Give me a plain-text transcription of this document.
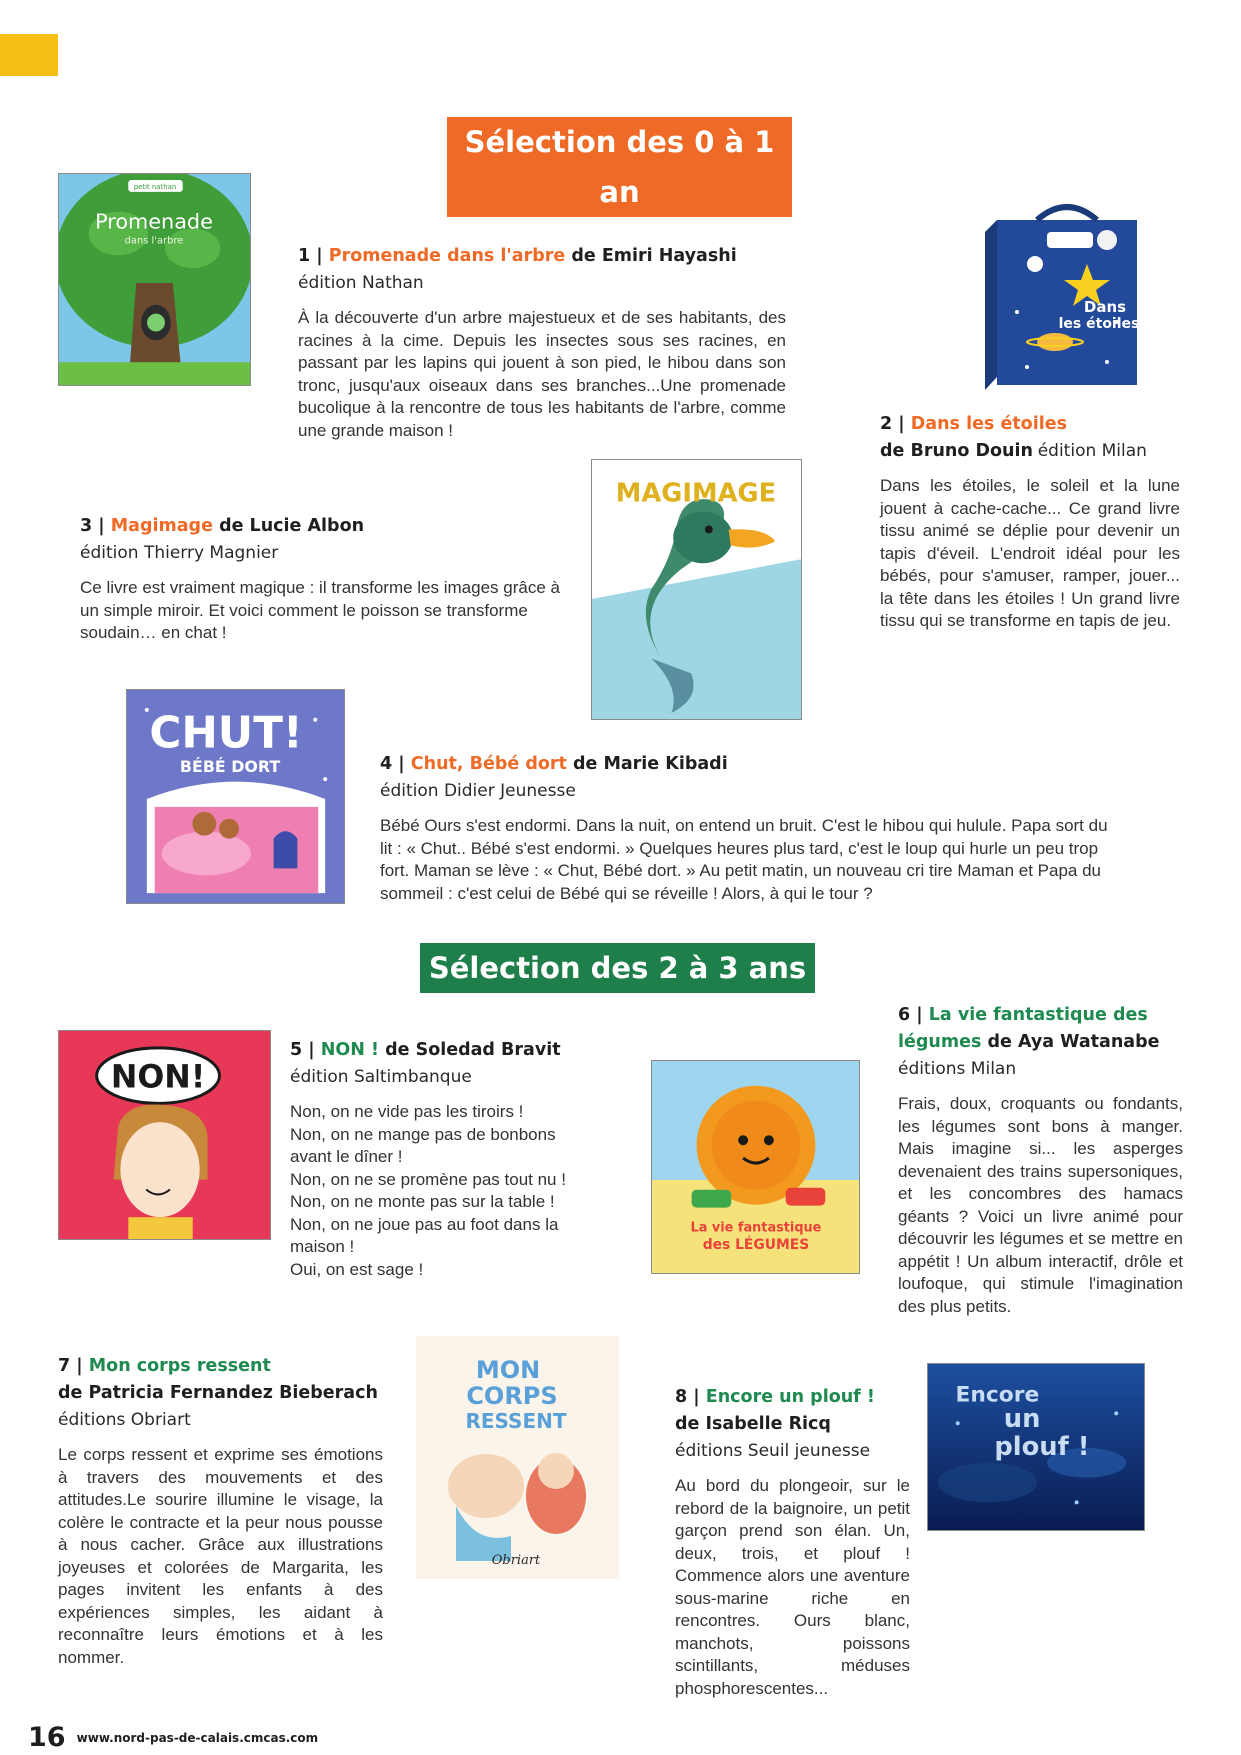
Sélection des 0 à 1 an
Sélection des 2 à 3 ans
petit nathan
Promenade
dans l'arbre
1 | Promenade dans l'arbre de Emiri Hayashi
édition Nathan
À la découverte d'un arbre majestueux et de ses habitants, des racines à la cime. Depuis les insectes sous ses racines, en passant par les lapins qui jouent à son pied, le hibou dans son tronc, jusqu'aux oiseaux dans ses branches...Une promenade bucolique à la rencontre de tous les habitants de l'arbre, comme une grande maison !
Dans
les étoiles
2 | Dans les étoiles
de Bruno Douin édition Milan
Dans les étoiles, le soleil et la lune jouent à cache-cache... Ce grand livre tissu animé se déplie pour devenir un tapis d'éveil. L'endroit idéal pour les bébés, pour s'amuser, ramper, jouer... la tête dans les étoiles ! Un grand livre tissu qui se transforme en tapis de jeu.
MAGIMAGE
3 | Magimage de Lucie Albon
édition Thierry Magnier
Ce livre est vraiment magique : il transforme les images grâce à un simple miroir. Et voici comment le poisson se transforme soudain… en chat !
CHUT!
BÉBÉ DORT	4 | Chut, Bébé dort de Marie Kibadi
édition Didier Jeunesse
Bébé Ours s'est endormi. Dans la nuit, on entend un bruit. C'est le hibou qui hulule. Papa sort du lit : « Chut.. Bébé s'est endormi. » Quelques heures plus tard, c'est le loup qui hurle un peu trop fort. Maman se lève : « Chut, Bébé dort. » Au petit matin, un nouveau cri tire Maman et Papa du sommeil : c'est celui de Bébé qui se réveille ! Alors, à qui le tour ?
NON!
5 | NON ! de Soledad Bravit
édition Saltimbanque
Non, on ne vide pas les tiroirs !
Non, on ne mange pas de bonbons avant le dîner !
Non, on ne se promène pas tout nu !
Non, on ne monte pas sur la table !
Non, on ne joue pas au foot dans la maison !
Oui, on est sage !
La vie fantastique
des LÉGUMES
6 | La vie fantastique des légumes de Aya Watanabe
éditions Milan
Frais, doux, croquants ou fondants, les légumes sont bons à manger. Mais imagine si... les asperges devenaient des trains supersoniques, et les concombres des hamacs géants ? Voici un livre animé pour découvrir les légumes et se mettre en appétit ! Un album interactif, drôle et loufoque, qui stimule l'imagination des plus petits.
MON
CORPS
RESSENT
Obriart
7 | Mon corps ressent
de Patricia Fernandez Bieberach
éditions Obriart
Le corps ressent et exprime ses émotions à travers des mouvements et des attitudes.Le sourire illumine le visage, la colère le contracte et la peur nous pousse à nous cacher. Grâce aux illustrations joyeuses et colorées de Margarita, les pages invitent les enfants à des expériences simples, les aidant à reconnaître leurs émotions et à les nommer.
8 | Encore un plouf !
de Isabelle Ricq
éditions Seuil jeunesse
Au bord du plongeoir, sur le rebord de la baignoire, un petit garçon prend son élan. Un, deux, trois, et plouf ! Commence alors une aventure sous-marine riche en rencontres. Ours blanc, manchots, poissons scintillants, méduses phosphorescentes...
Encore
un
plouf !
16 www.nord-pas-de-calais.cmcas.com
